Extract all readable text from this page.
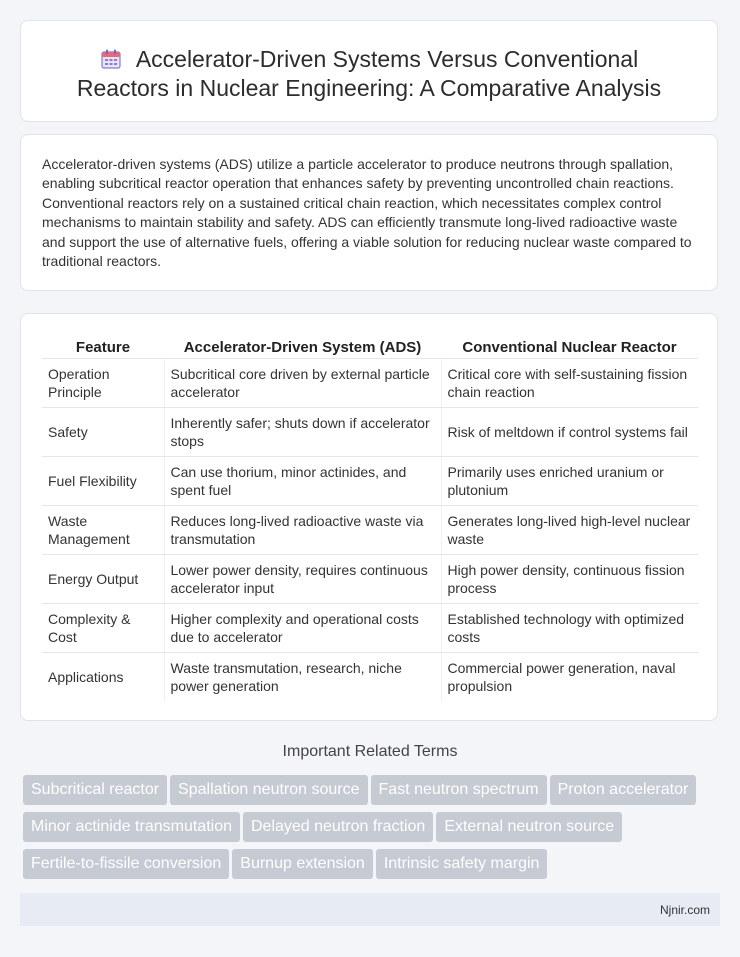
Accelerator-Driven Systems Versus Conventional Reactors in Nuclear Engineering: A Comparative Analysis

Accelerator-driven systems (ADS) utilize a particle accelerator to produce neutrons through spallation, enabling subcritical reactor operation that enhances safety by preventing uncontrolled chain reactions. Conventional reactors rely on a sustained critical chain reaction, which necessitates complex control mechanisms to maintain stability and safety. ADS can efficiently transmute long-lived radioactive waste and support the use of alternative fuels, offering a viable solution for reducing nuclear waste compared to traditional reactors.

Feature	Accelerator-Driven System (ADS)	Conventional Nuclear Reactor
Operation Principle	Subcritical core driven by external particle accelerator	Critical core with self-sustaining fission chain reaction
Safety	Inherently safer; shuts down if accelerator stops	Risk of meltdown if control systems fail
Fuel Flexibility	Can use thorium, minor actinides, and spent fuel	Primarily uses enriched uranium or plutonium
Waste Management	Reduces long-lived radioactive waste via transmutation	Generates long-lived high-level nuclear waste
Energy Output	Lower power density, requires continuous accelerator input	High power density, continuous fission process
Complexity & Cost	Higher complexity and operational costs due to accelerator	Established technology with optimized costs
Applications	Waste transmutation, research, niche power generation	Commercial power generation, naval propulsion
Important Related Terms
Subcritical reactor Spallation neutron source Fast neutron spectrum Proton accelerator
Minor actinide transmutation Delayed neutron fraction External neutron source
Fertile-to-fissile conversion Burnup extension Intrinsic safety margin
Njnir.com
